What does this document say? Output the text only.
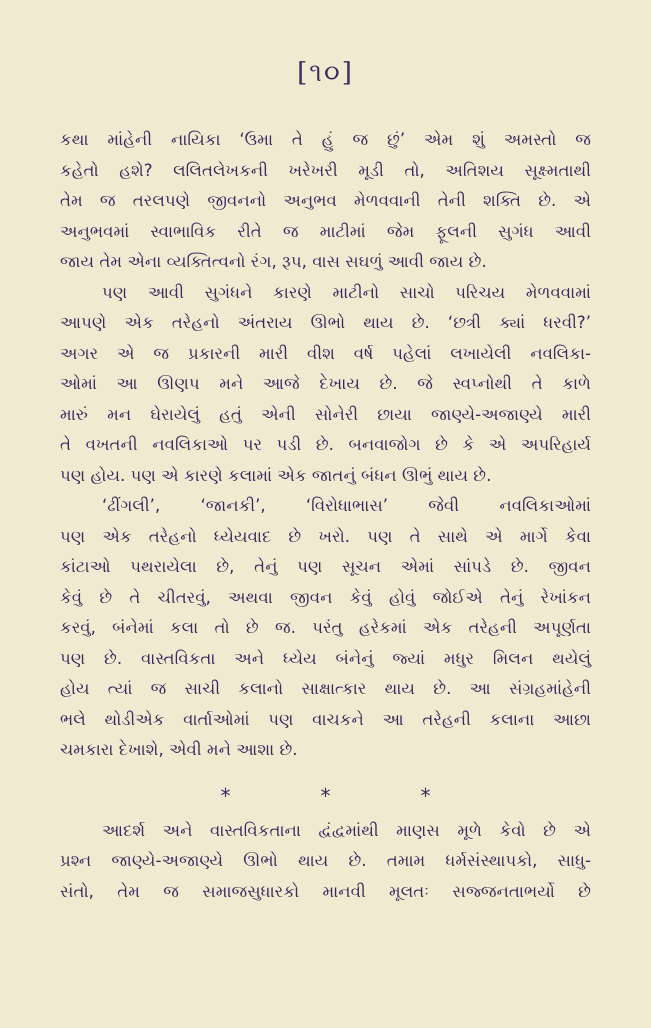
[૧૦]

કથા માંહેની નાયિકા ‘ઉમા તે હું જ છું’ એમ શું અમસ્તો જ
કહેતો હશે? લલિતલેખકની ખરેખરી મૂડી તો, અતિશય સૂક્ષ્મતાથી
તેમ જ તરલપણે જીવનનો અનુભવ મેળવવાની તેની શક્તિ છે. એ
અનુભવમાં સ્વાભાવિક રીતે જ માટીમાં જેમ ફૂલની સુગંધ આવી
જાય તેમ એના વ્યક્તિત્વનો રંગ, રૂપ, વાસ સઘળું આવી જાય છે.

પણ આવી સુગંધને કારણે માટીનો સાચો પરિચય મેળવવામાં
આપણે એક તરેહનો અંતરાય ઊભો થાય છે. ‘છત્રી ક્યાં ધરવી?’
અગર એ જ પ્રકારની મારી વીશ વર્ષ પહેલાં લખાયેલી નવલિકા-
ઓમાં આ ઊણપ મને આજે દેખાય છે. જે સ્વપ્નોથી તે કાળે
મારું મન ઘેરાયેલું હતું એની સોનેરી છાયા જાણ્યે-અજાણ્યે મારી
તે વખતની નવલિકાઓ પર પડી છે. બનવાજોગ છે કે એ અપરિહાર્ય
પણ હોય. પણ એ કારણે કલામાં એક જાતનું બંધન ઊભું થાય છે.

‘ઢીંગલી’, ‘જાનકી’, ‘વિરોધાભાસ’ જેવી નવલિકાઓમાં
પણ એક તરેહનો ધ્યેયવાદ છે ખરો. પણ તે સાથે એ માર્ગે કેવા
કાંટાઓ પથરાયેલા છે, તેનું પણ સૂચન એમાં સાંપડે છે. જીવન
કેવું છે તે ચીતરવું, અથવા જીવન કેવું હોવું જોઈએ તેનું રેખાંકન
કરવું, બંનેમાં કલા તો છે જ. પરંતુ હરેકમાં એક તરેહની અપૂર્ણતા
પણ છે. વાસ્તવિકતા અને ધ્યેય બંનેનું જ્યાં મધુર મિલન થયેલું
હોય ત્યાં જ સાચી કલાનો સાક્ષાત્કાર થાય છે. આ સંગ્રહમાંહેની
ભલે થોડીએક વાર્તાઓમાં પણ વાચકને આ તરેહની કલાના આછા
ચમકારા દેખાશે, એવી મને આશા છે.

*	*	*

આદર્શ અને વાસ્તવિકતાના દ્વંદ્વમાંથી માણસ મૂળે કેવો છે એ
પ્રશ્ન જાણ્યે-અજાણ્યે ઊભો થાય છે. તમામ ધર્મસંસ્થાપકો, સાધુ-
સંતો, તેમ જ સમાજસુધારકો માનવી મૂલતઃ સજ્જનતાભર્યો છે
